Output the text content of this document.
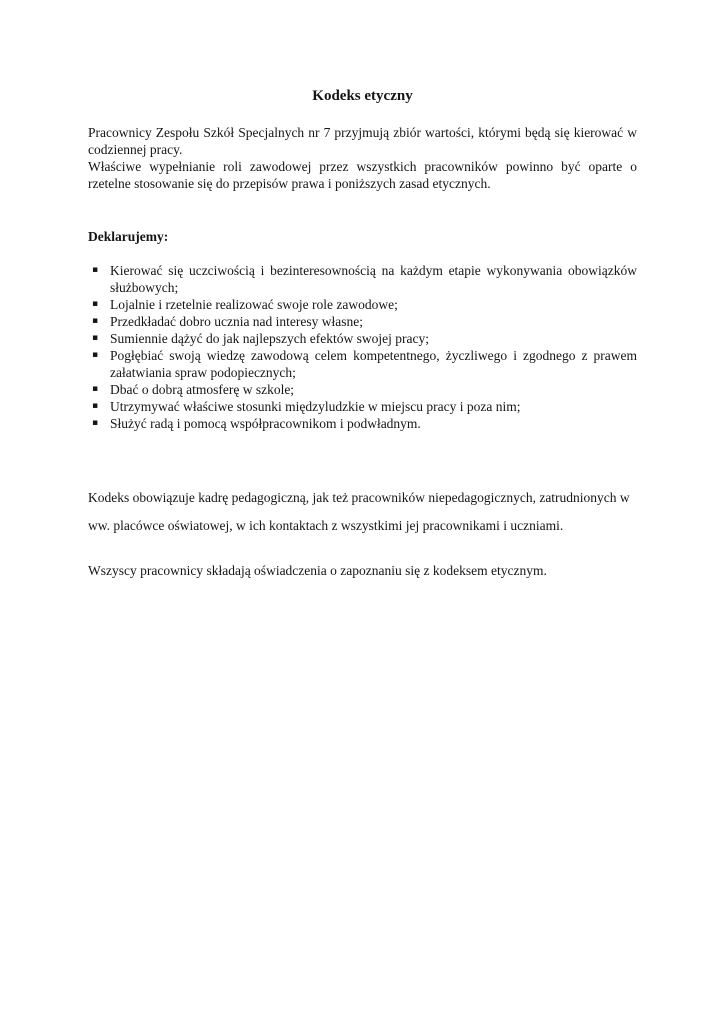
Kodeks etyczny

Pracownicy Zespołu Szkół Specjalnych nr 7 przyjmują zbiór wartości, którymi będą się kierować w codziennej pracy.

Właściwe wypełnianie roli zawodowej przez wszystkich pracowników powinno być oparte o rzetelne stosowanie się do przepisów prawa i poniższych zasad etycznych.

Deklarujemy:

▪ Kierować się uczciwością i bezinteresownością na każdym etapie wykonywania obowiązków służbowych;
▪ Lojalnie i rzetelnie realizować swoje role zawodowe;
▪ Przedkładać dobro ucznia nad interesy własne;
▪ Sumiennie dążyć do jak najlepszych efektów swojej pracy;
▪ Pogłębiać swoją wiedzę zawodową celem kompetentnego, życzliwego i zgodnego z prawem załatwiania spraw podopiecznych;
▪ Dbać o dobrą atmosferę w szkole;
▪ Utrzymywać właściwe stosunki międzyludzkie w miejscu pracy i poza nim;
▪ Służyć radą i pomocą współpracownikom i podwładnym.

Kodeks obowiązuje kadrę pedagogiczną, jak też pracowników niepedagogicznych, zatrudnionych w ww. placówce oświatowej, w ich kontaktach z wszystkimi jej pracownikami i uczniami.

Wszyscy pracownicy składają oświadczenia o zapoznaniu się z kodeksem etycznym.
